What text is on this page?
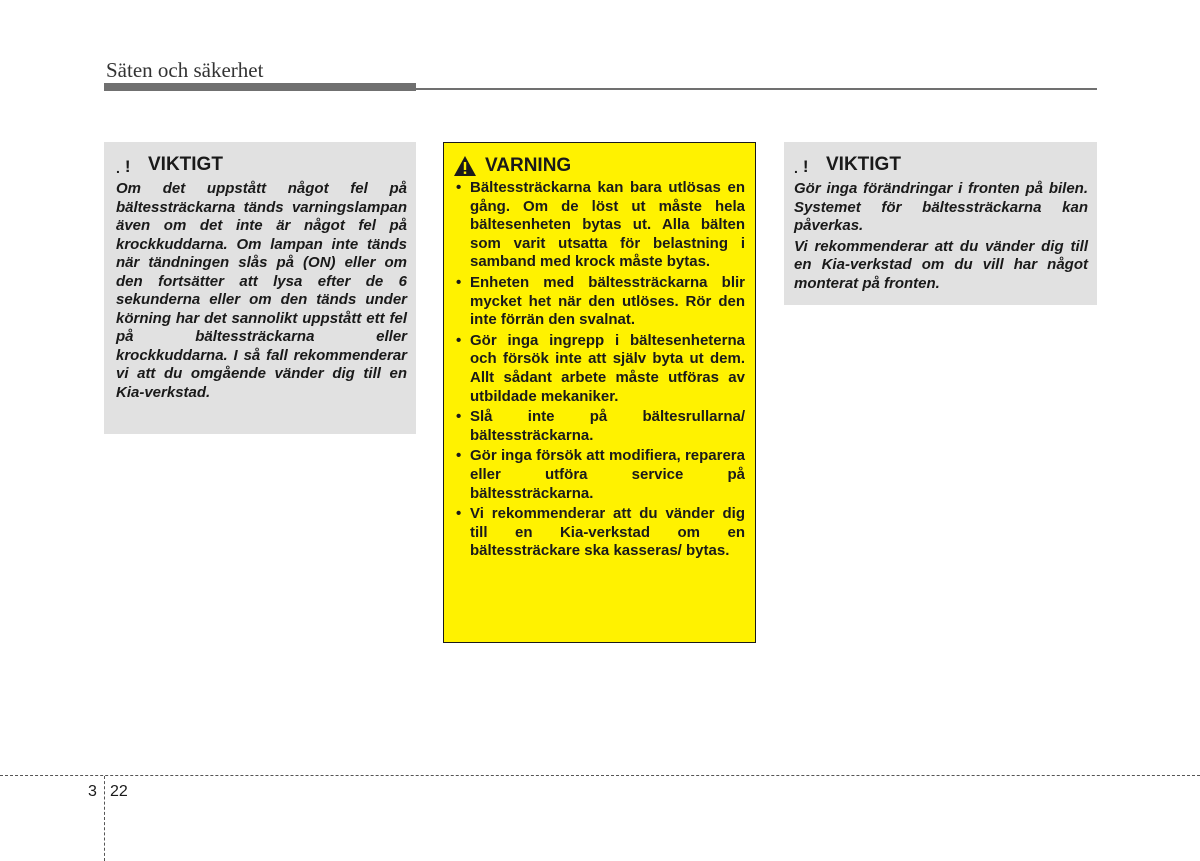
Säten och säkerhet
. ! VIKTIGT

Om det uppstått något fel på bältessträckarna tänds varningslampan även om det inte är något fel på krockkuddarna. Om lampan inte tänds när tändningen slås på (ON) eller om den fortsätter att lysa efter de 6 sekunderna eller om den tänds under körning har det sannolikt uppstått ett fel på bältessträckarna eller krockkuddarna. I så fall rekommenderar vi att du omgående vänder dig till en Kia-verkstad.

VARNING
• Bältessträckarna kan bara utlösas en gång. Om de löst ut måste hela bältesenheten bytas ut. Alla bälten som varit utsatta för belastning i samband med krock måste bytas.
• Enheten med bältessträckarna blir mycket het när den utlöses. Rör den inte förrän den svalnat.
• Gör inga ingrepp i bältesenheterna och försök inte att själv byta ut dem. Allt sådant arbete måste utföras av utbildade mekaniker.
• Slå inte på bältesrullarna/ bältessträckarna.
• Gör inga försök att modifiera, reparera eller utföra service på bältessträckarna.
• Vi rekommenderar att du vänder dig till en Kia-verkstad om en bältessträckare ska kasseras/ bytas.
. ! VIKTIGT

Gör inga förändringar i fronten på bilen. Systemet för bältessträckarna kan påverkas.

Vi rekommenderar att du vänder dig till en Kia-verkstad om du vill har något monterat på fronten.

3 22
